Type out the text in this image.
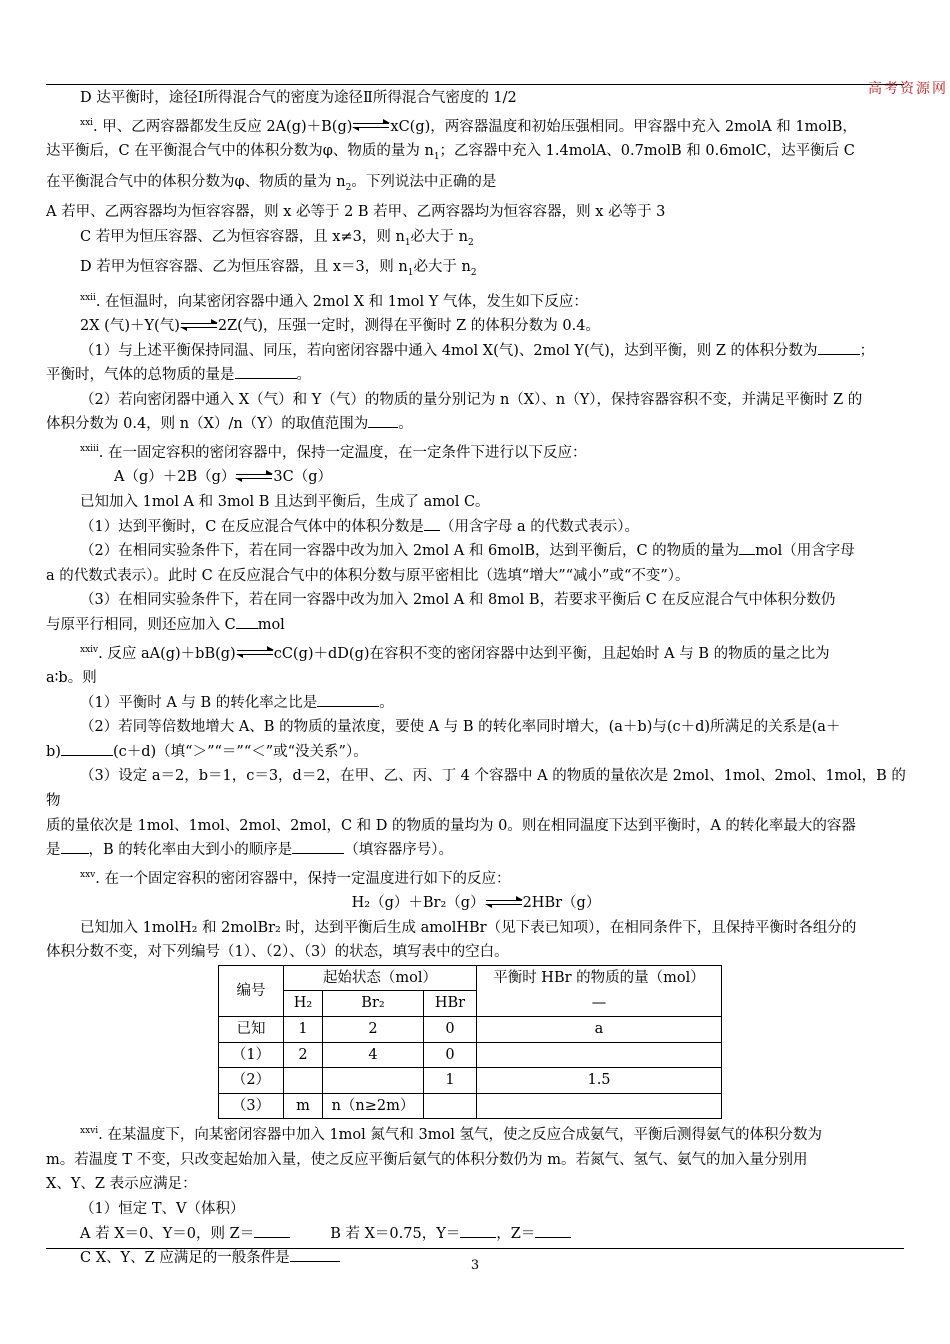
高考资源网

D 达平衡时，途径Ⅰ所得混合气的密度为途径Ⅱ所得混合气密度的 1/2

$^{xxi}$. 甲、乙两容器都发生反应 2A(g)＋B(g)	xC(g)，两容器温度和初始压强相同。甲容器中充入 2molA 和 1molB，

达平衡后，C 在平衡混合气中的体积分数为φ、物质的量为 $n_1$；乙容器中充入 1.4molA、0.7molB 和 0.6molC，达平衡后 C

在平衡混合气中的体积分数为φ、物质的量为 $n_2$。下列说法中正确的是

A 若甲、乙两容器均为恒容容器，则 x 必等于 2 B 若甲、乙两容器均为恒容容器，则 x 必等于 3

C 若甲为恒压容器、乙为恒容容器，且 x≠3，则 $n_1$必大于 $n_2$

D 若甲为恒容容器、乙为恒压容器，且 x＝3，则 $n_1$必大于 $n_2$

$^{xxii}$. 在恒温时，向某密闭容器中通入 2mol X 和 1mol Y 气体，发生如下反应：

2X (气)＋Y(气)	2Z(气)，压强一定时，测得在平衡时 Z 的体积分数为 0.4。

（1）与上述平衡保持同温、同压，若向密闭容器中通入 4mol X(气)、2mol Y(气)，达到平衡，则 Z 的体积分数为	；

平衡时，气体的总物质的量是	。

（2）若向密闭器中通入 X（气）和 Y（气）的物质的量分别记为 n（X）、n（Y），保持容器容积不变，并满足平衡时 Z 的

体积分数为 0.4，则 n（X）/n（Y）的取值范围为 。

$^{xxiii}$. 在一固定容积的密闭容器中，保持一定温度，在一定条件下进行以下反应：

A（g）＋2B（g）	3C（g）

已知加入 1mol A 和 3mol B 且达到平衡后，生成了 amol C。

（1）达到平衡时，C 在反应混合气体中的体积分数是 （用含字母 a 的代数式表示）。

（2）在相同实验条件下，若在同一容器中改为加入 2mol A 和 6molB，达到平衡后，C 的物质的量为 mol（用含字母

a 的代数式表示）。此时 C 在反应混合气中的体积分数与原平密相比（选填“增大”“减小”或“不变”）。

（3）在相同实验条件下，若在同一容器中改为加入 2mol A 和 8mol B，若要求平衡后 C 在反应混合气中体积分数仍

与原平行相同，则还应加入 C mol

$^{xxiv}$. 反应 aA(g)＋bB(g)	cC(g)＋dD(g)在容积不变的密闭容器中达到平衡，且起始时 A 与 B 的物质的量之比为

a∶b。则

（1）平衡时 A 与 B 的转化率之比是	。

（2）若同等倍数地增大 A、B 的物质的量浓度，要使 A 与 B 的转化率同时增大，(a＋b)与(c＋d)所满足的关系是(a＋

b)	(c＋d)（填“＞”“＝”“＜”或“没关系”）。

（3）设定 a＝2，b＝1，c＝3，d＝2，在甲、乙、丙、丁 4 个容器中 A 的物质的量依次是 2mol、1mol、2mol、1mol，B 的物

质的量依次是 1mol、1mol、2mol、2mol，C 和 D 的物质的量均为 0。则在相同温度下达到平衡时，A 的转化率最大的容器

是 ，B 的转化率由大到小的顺序是	（填容器序号）。

$^{xxv}$. 在一个固定容积的密闭容器中，保持一定温度进行如下的反应：

H₂（g）＋Br₂（g）	2HBr（g）

已知加入 1molH₂ 和 2molBr₂ 时，达到平衡后生成 amolHBr（见下表已知项），在相同条件下，且保持平衡时各组分的

体积分数不变，对下列编号（1）、（2）、（3）的状态，填写表中的空白。

编号	起始状态（mol）			平衡时 HBr 的物质的量（mol）
	H₂	Br₂	HBr	—
已知	1	2	0	a
（1）	2	4	0	
（2）			1	1.5
（3）	m	n（n≥2m）		

$^{xxvi}$. 在某温度下，向某密闭容器中加入 1mol 氮气和 3mol 氢气，使之反应合成氨气，平衡后测得氨气的体积分数为

m。若温度 T 不变，只改变起始加入量，使之反应平衡后氨气的体积分数仍为 m。若氮气、氢气、氨气的加入量分别用

X、Y、Z 表示应满足：

（1）恒定 T、V（体积）

A 若 X＝0、Y＝0，则 Z＝	B 若 X＝0.75，Y＝ ，Z＝

C X、Y、Z 应满足的一般条件是	3
